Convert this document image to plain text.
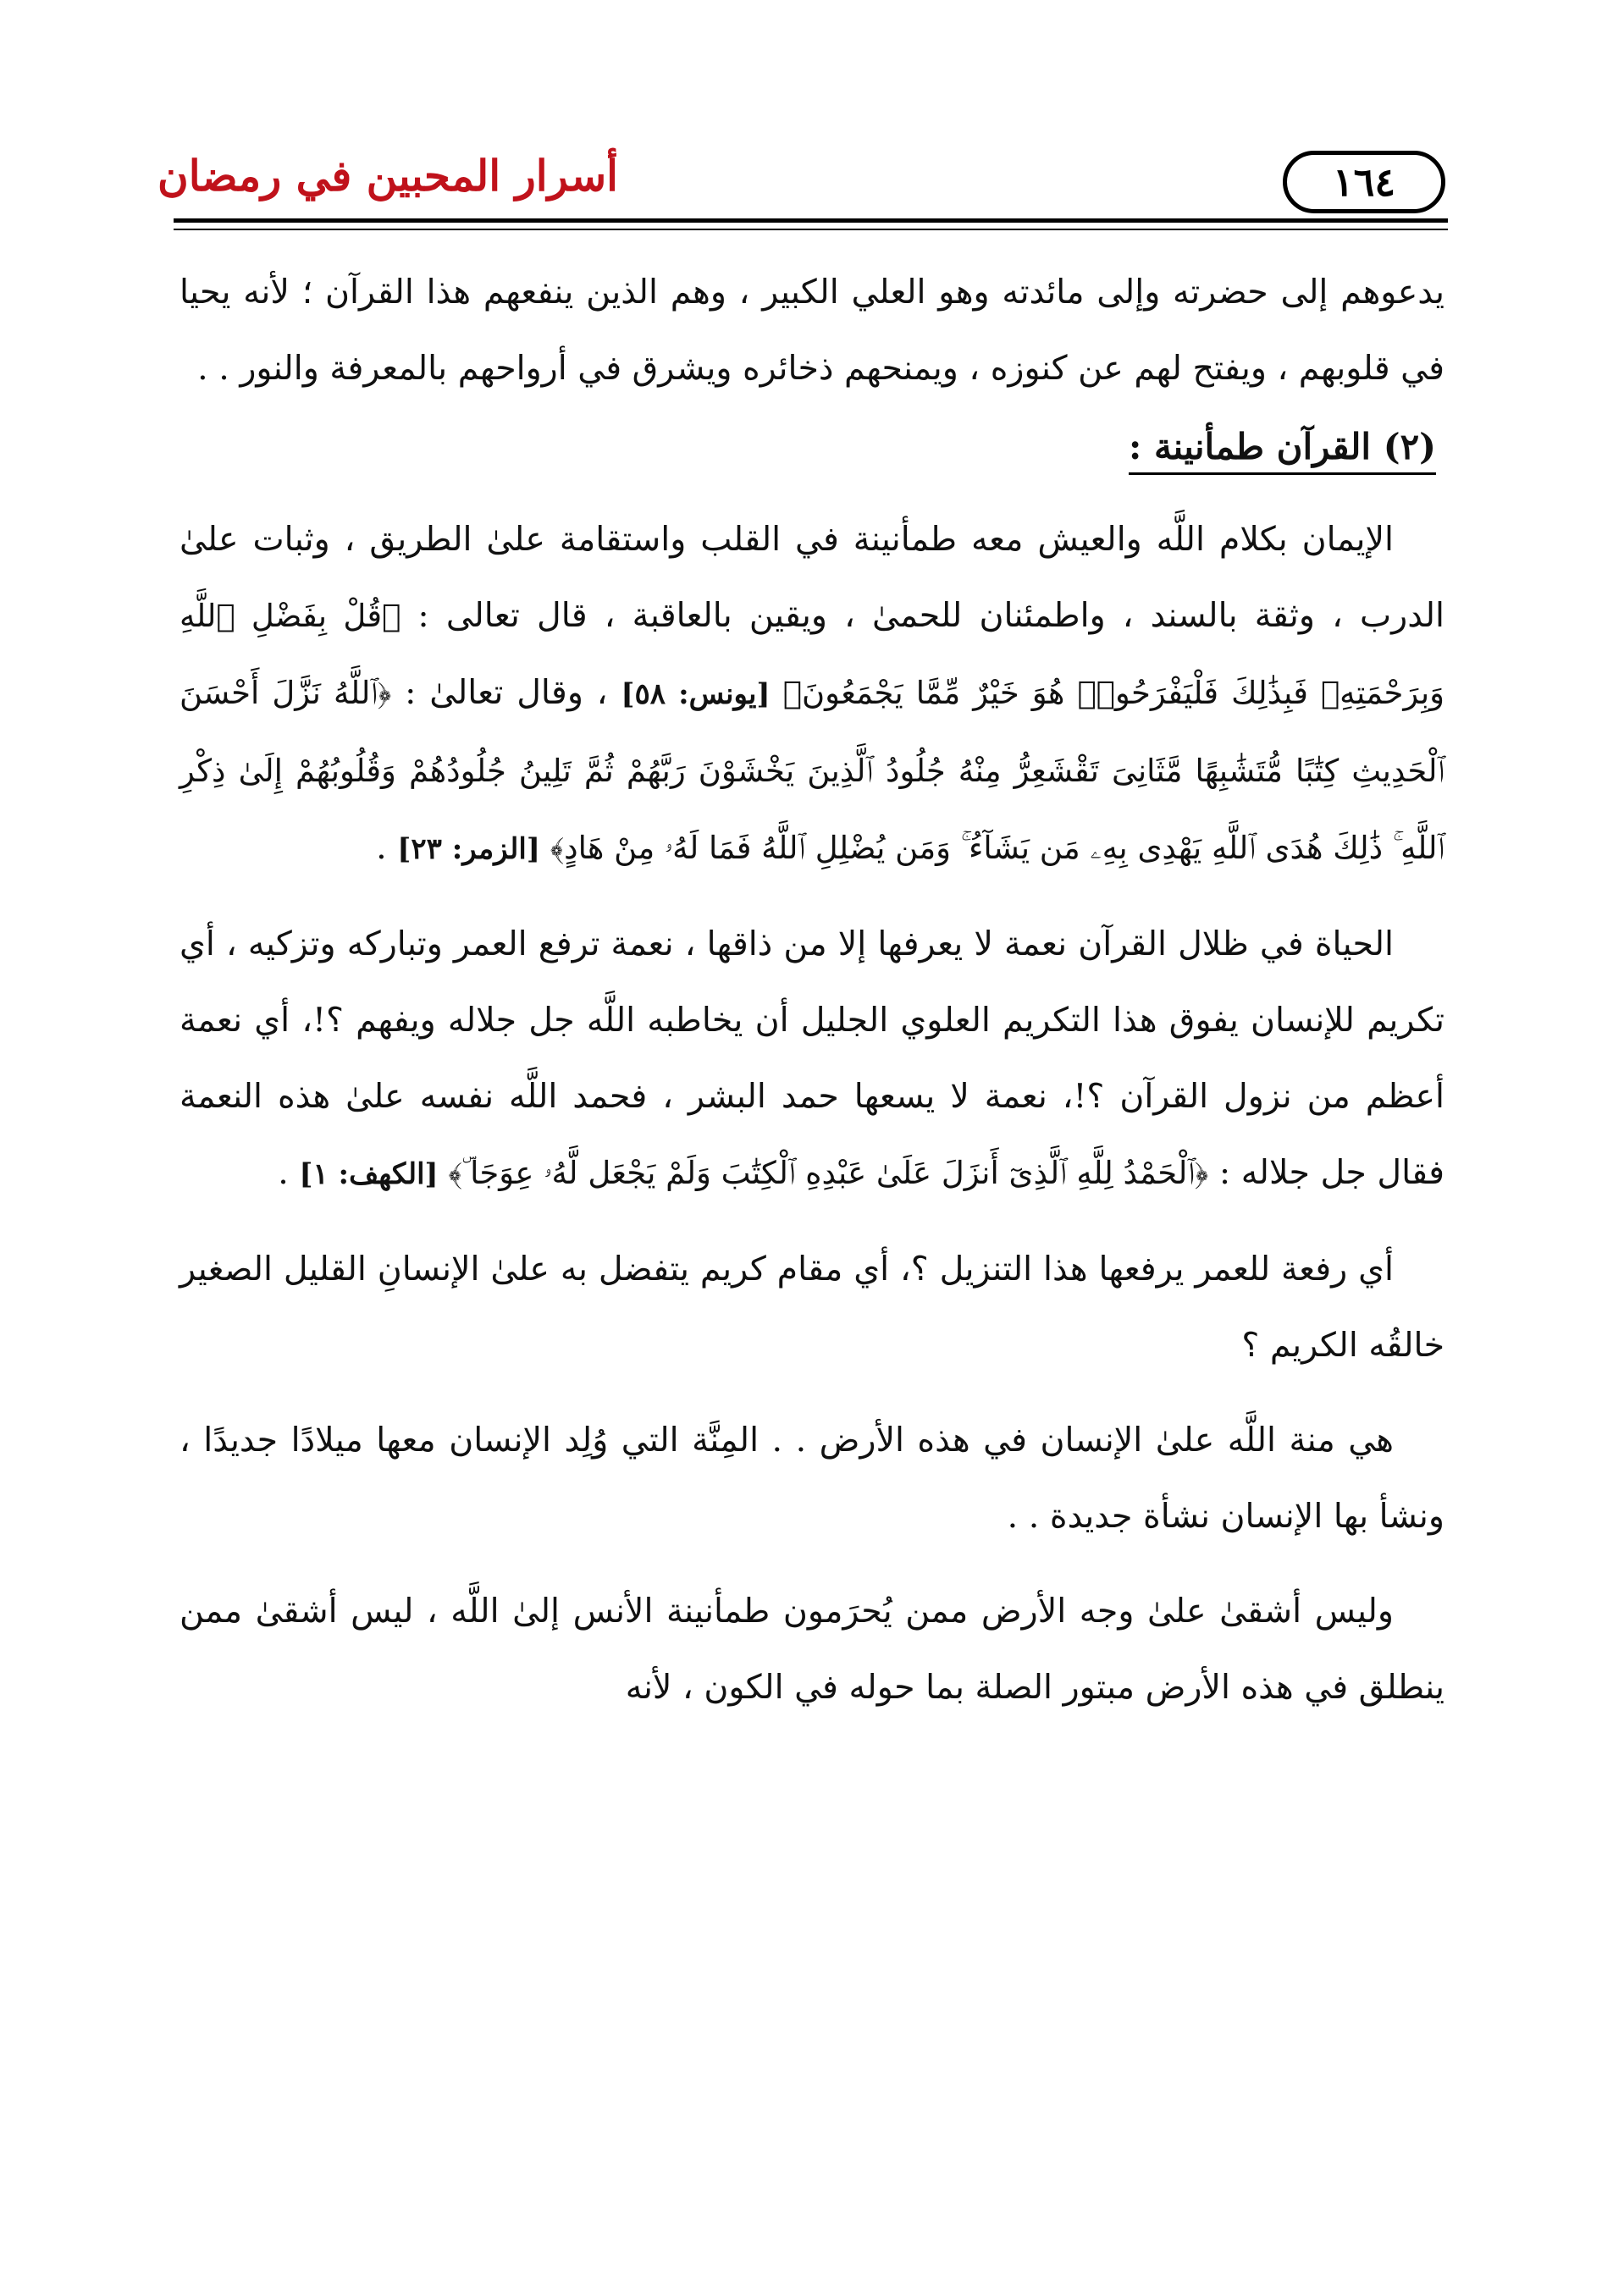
١٦٤
أسرار المحبين في رمضان

يدعوهم إلى حضرته وإلى مائدته وهو العلي الكبير ، وهم الذين ينفعهم هذا القرآن ؛ لأنه يحيا في قلوبهم ، ويفتح لهم عن كنوزه ، ويمنحهم ذخائره ويشرق في أرواحهم بالمعرفة والنور . .

(٢) القرآن طمأنينة :

الإيمان بكلام اللَّه والعيش معه طمأنينة في القلب واستقامة علىٰ الطريق ، وثبات علىٰ الدرب ، وثقة بالسند ، واطمئنان للحمىٰ ، ويقين بالعاقبة ، قال تعالى : ﴿قُلْ بِفَضْلِ ٱللَّهِ وَبِرَحْمَتِهِۦ فَبِذَٰلِكَ فَلْيَفْرَحُوا۟ هُوَ خَيْرٌ مِّمَّا يَجْمَعُونَ﴾ [يونس: ٥٨] ، وقال تعالىٰ : ﴿ٱللَّهُ نَزَّلَ أَحْسَنَ ٱلْحَدِيثِ كِتَٰبًا مُّتَشَٰبِهًا مَّثَانِىَ تَقْشَعِرُّ مِنْهُ جُلُودُ ٱلَّذِينَ يَخْشَوْنَ رَبَّهُمْ ثُمَّ تَلِينُ جُلُودُهُمْ وَقُلُوبُهُمْ إِلَىٰ ذِكْرِ ٱللَّهِ ۚ ذَٰلِكَ هُدَى ٱللَّهِ يَهْدِى بِهِۦ مَن يَشَآءُ ۚ وَمَن يُضْلِلِ ٱللَّهُ فَمَا لَهُۥ مِنْ هَادٍ﴾ [الزمر: ٢٣] .

الحياة في ظلال القرآن نعمة لا يعرفها إلا من ذاقها ، نعمة ترفع العمر وتباركه وتزكيه ، أي تكريم للإنسان يفوق هذا التكريم العلوي الجليل أن يخاطبه اللَّه جل جلاله ويفهم ؟!، أي نعمة أعظم من نزول القرآن ؟!، نعمة لا يسعها حمد البشر ، فحمد اللَّه نفسه علىٰ هذه النعمة فقال جل جلاله : ﴿ٱلْحَمْدُ لِلَّهِ ٱلَّذِىٓ أَنزَلَ عَلَىٰ عَبْدِهِ ٱلْكِتَٰبَ وَلَمْ يَجْعَل لَّهُۥ عِوَجَا ۜ﴾ [الكهف: ١] .

أي رفعة للعمر يرفعها هذا التنزيل ؟، أي مقام كريم يتفضل به علىٰ الإنسانِ القليل الصغير خالقُه الكريم ؟

هي منة اللَّه علىٰ الإنسان في هذه الأرض . . المِنَّة التي وُلِد الإنسان معها ميلادًا جديدًا ، ونشأ بها الإنسان نشأة جديدة . .

وليس أشقىٰ علىٰ وجه الأرض ممن يُحرَمون طمأنينة الأنس إلىٰ اللَّه ، ليس أشقىٰ ممن ينطلق في هذه الأرض مبتور الصلة بما حوله في الكون ، لأنه
